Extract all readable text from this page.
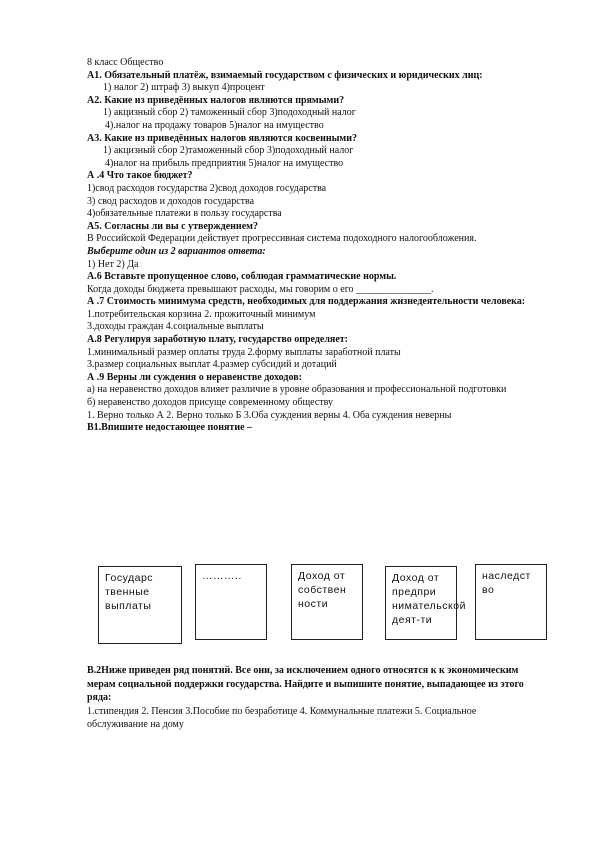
8 класс Обществo
А1. Обязательный платёж, взимаемый государством с физических и юридических лиц:
1) налог 2) штраф 3) выкуп 4)процент
А2. Какие из приведённых налогов являются прямыми?
1) акцизный сбор 2) таможенный сбор 3)подоходный налог
4).налог на продажу товаров 5)налог на имущество
А3. Какие из приведённых налогов являются косвенными?
1) акцизный сбор 2)таможенный сбор 3)подоходный налог
4)налог на прибыль предприятия 5)налог на имущество
А .4 Что такое бюджет?
1)свод расходов государства 2)свод доходов государства
3) свод расходов и доходов государства
4)обязательные платежи в пользу государства
А5. Согласны ли вы с утверждением?
В Российской Федерации действует прогрессивная система подоходного налогообложения.
Выберите один из 2 вариантов ответа:
1) Нет 2) Да
А.6 Вставьте пропущенное слово, соблюдая грамматические нормы.
Когда доходы бюджета превышают расходы, мы говорим о его _______________.
А .7 Стоимость минимума средств, необходимых для поддержания жизнедеятельности человека:
1.потребительская корзина 2. прожиточный минимум
3.доходы граждан 4.социальные выплаты
А.8 Регулируя заработную плату, государство определяет:
1.минимальный размер оплаты труда 2.форму выплаты заработной платы
3.размер социальных выплат 4.размер субсидий и дотаций
А .9 Верны ли суждения о неравенстве доходов:
а) на неравенство доходов влияет различие в уровне образования и профессиональной подготовки
б) неравенство доходов присуще современному обществу
1. Верно только А 2. Верно только Б 3.Оба суждения верны 4. Оба суждения неверны
В1.Впишите недостающее понятие –
Государс твенные выплаты
………..	Доход от собствен ности
Доход от предпри нимательской деят-ти
наследст во
В.2Ниже приведен ряд понятий. Все они, за исключением одного относятся к к экономическим мерам социальной поддержки государства. Найдите и выпишите понятие, выпадающее из этого ряда:
1.стипендия 2. Пенсия 3.Пособие по безработице 4. Коммунальные платежи 5. Социальное обслуживание на дому
